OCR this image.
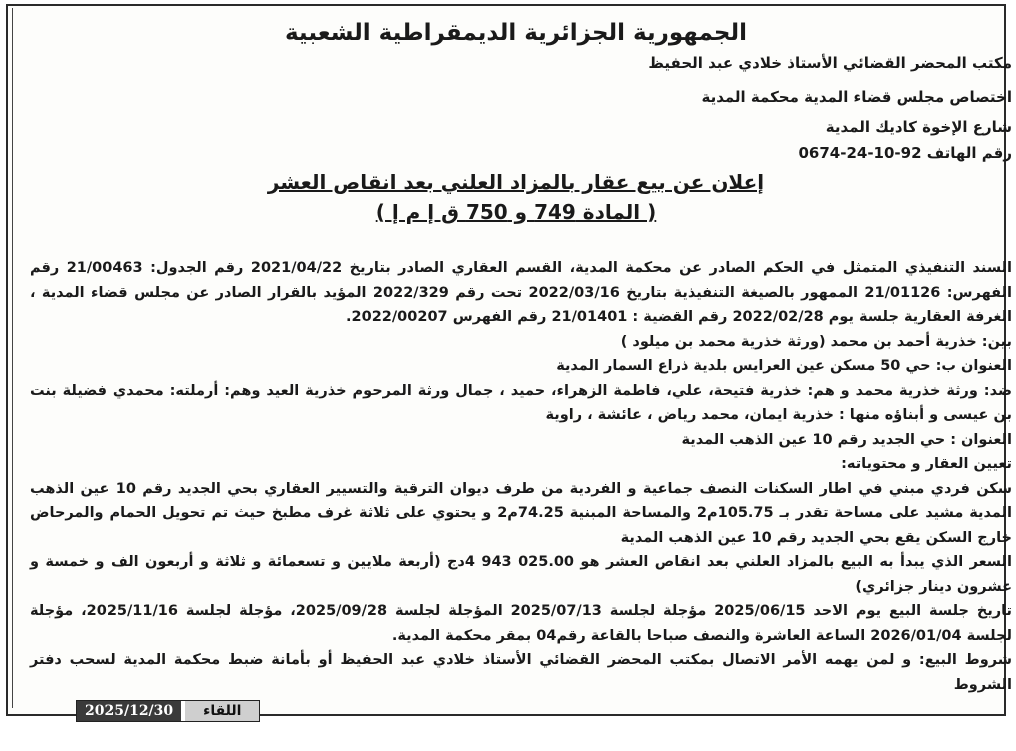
الجمهورية الجزائرية الديمقراطية الشعبية
مكتب المحضر القضائي الأستاذ خلادي عبد الحفيظ
اختصاص مجلس قضاء المدية محكمة المدية
شارع الإخوة كاديك المدية
رقم الهاتف 92-10-24-0674
إعلان عن بيع عقار بالمزاد العلني بعد انقاص العشر
( المادة 749 و 750 ق إ م إ )

السند التنفيذي المتمثل في الحكم الصادر عن محكمة المدية، القسم العقاري الصادر بتاريخ 2021/04/22 رقم الجدول: 21/00463 رقم الفهرس: 21/01126 الممهور بالصيغة التنفيذية بتاريخ 2022/03/16 تحت رقم 2022/329 المؤيد بالقرار الصادر عن مجلس قضاء المدية ، الغرفة العقارية جلسة يوم 2022/02/28 رقم القضية : 21/01401 رقم الفهرس 2022/00207.

بين: خذرية أحمد بن محمد (ورثة خذرية محمد بن ميلود )

العنوان ب: حي 50 مسكن عين العرايس بلدية ذراع السمار المدية

ضد: ورثة خذرية محمد و هم: خذرية فتيحة، علي، فاطمة الزهراء، حميد ، جمال ورثة المرحوم خذرية العيد وهم: أرملته: محمدي فضيلة بنت بن عيسى و أبناؤه منها : خذرية ايمان، محمد رياض ، عائشة ، راوية

العنوان : حي الجديد رقم 10 عين الذهب المدية

تعيين العقار و محتوياته:

سكن فردي مبني في اطار السكنات النصف جماعية و الفردية من طرف ديوان الترقية والتسيير العقاري بحي الجديد رقم 10 عين الذهب المدية مشيد على مساحة تقدر بـ 105.75م2 والمساحة المبنية 74.25م2 و يحتوي على ثلاثة غرف مطبخ حيث تم تحويل الحمام والمرحاض خارج السكن يقع بحي الجديد رقم 10 عين الذهب المدية

السعر الذي يبدأ به البيع بالمزاد العلني بعد انقاص العشر هو 025.00 943 4دج (أربعة ملايين و تسعمائة و ثلاثة و أربعون الف و خمسة و عشرون دينار جزائري)

تاريخ جلسة البيع يوم الاحد 2025/06/15 مؤجلة لجلسة 2025/07/13 المؤجلة لجلسة 2025/09/28، مؤجلة لجلسة 2025/11/16، مؤجلة لجلسة 2026/01/04 الساعة العاشرة والنصف صباحا بالقاعة رقم04 بمقر محكمة المدية.

شروط البيع: و لمن يهمه الأمر الاتصال بمكتب المحضر القضائي الأستاذ خلادي عبد الحفيظ أو بأمانة ضبط محكمة المدية لسحب دفتر الشروط

2025/12/30	اللقاء
